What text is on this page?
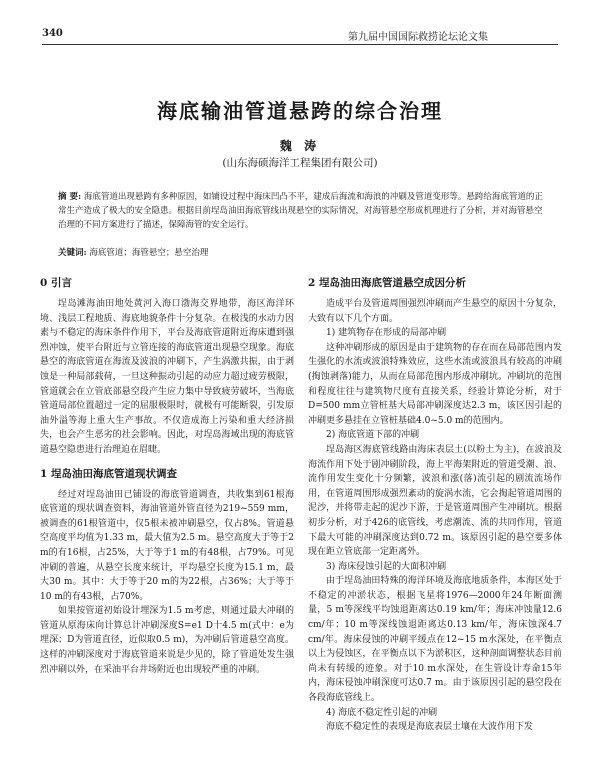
340	第九届中国国际救捞论坛论文集
海底输油管道悬跨的综合治理
魏 涛
(山东海硕海洋工程集团有限公司)
摘 要: 海底管道出现悬跨有多种原因，如铺设过程中海床凹凸不平，建成后海流和海浪的冲刷及管道变形等。悬跨给海底管道的正常生产造成了极大的安全隐患。根据目前埕岛油田海底管线出现悬空的实际情况，对海管悬空形成机理进行了分析，并对海管悬空治理的不同方案进行了描述，保障海管的安全运行。
关键词: 海底管道；海管悬空；悬空治理
0 引言

埕岛滩海油田地处黄河入海口渤海交界地带，海区海洋环境、浅层工程地质、海底地貌条件十分复杂。在极浅的水动力因素与不稳定的海床条件作用下，平台及海底管道附近海床遭到强烈冲蚀，使平台附近与立管连接的海底管道出现悬空现象。海底悬空的海底管道在海流及波浪的冲刷下，产生涡激共振，由于剥蚀是一种局部载荷，一旦这种振动引起的动应力超过疲劳极限，管道就会在立管底部悬空段产生应力集中导致疲劳破坏，当海底管道局部位置超过一定的屈服极限时，就极有可能断裂，引发原油外溢等海上重大生产事故。不仅造成海上污染和重大经济损失，也会产生恶劣的社会影响。因此，对埕岛海域出现的海底管道悬空隐患进行治理迫在眉睫。

1 埕岛油田海底管道现状调查

经过对埕岛油田已铺设的海底管道调查，共收集到61根海底管道的现状调查资料，海油管道外管直径为219~559 mm，被调查的61根管道中，仅5根未被冲刷悬空，仅占8%。管道悬空高度平均值为1.33 m，最大值为2.5 m。悬空高度大于等于2 m的有16根，占25%，大于等于1 m的有48根，占79%。可见冲刷的普遍，从悬空长度来统计，平均悬空长度为15.1 m，最大30 m。其中：大于等于20 m的为22根，占36%；大于等于10 m的有43根，占70%。

如果按管道初始设计埋深为1.5 m考虑，则通过最大冲刷的管道从原海床向计算总计冲刷深度S=e1 D十4.5 m(式中：e为埋深；D为管道直径，近似取0.5 m)，为冲刷后管道悬空高度。这样的冲刷深度对于海底管道来说是少见的，除了管道处发生强烈冲刷以外，在采油平台井场附近也出现较严重的冲刷。

2 埕岛油田海底管道悬空成因分析

造成平台及管道周围强烈冲刷而产生悬空的原因十分复杂，大致有以下几个方面。

1) 建筑物存在形成的局部冲刷

这种冲刷形成的原因是由于建筑物的存在而在局部范围内发生强化的水流或波浪特殊效应，这些水流或波浪具有较高的冲刷(掏蚀剥落)能力，从而在局部范围内形成冲刷坑。冲刷坑的范围和程度往往与建筑物尺度有直接关系，经验计算论分析，对于D=500 mm立管桩基大局部冲刷深度达2.3 m，该区因引起的冲刷更多悬挂在立管桩基础4.0~5.0 m的范围内。

2) 海底管道下部的冲刷

埕岛海区海底管线路由海床表层土(以粉土为主)，在波浪及海流作用下处于剧冲刷阶段，海上平海架附近的管道受潮、浪、流作用发生变化十分频繁，波浪和涨(落)流引起的剧流流场作用，在管道周围形成强烈紊动的旋涡水流，它会掏起管道周围的泥沙，并将带走起的泥沙下游，于是管道周围产生冲刷坑。根据初步分析，对于426的底管线，考虑潮流、流的共同作用，管道下最大可能的冲刷深度达到0.72 m。该原因引起的悬空要多体现在距立管底部一定距离外。

3) 海床侵蚀引起的大面积冲刷

由于埕岛油田特殊的海洋环境及海底地质条件，本海区处于不稳定的冲淤状态，根据飞星将1976—2000年24年断面测量，5 m等深线平均蚀退距离达0.19 km/年；海床冲蚀量12.6 cm/年；10 m等深线蚀退距离达0.13 km/年，海床蚀深4.7 cm/年。海床侵蚀的冲刷平缓点在12~15 m水深处，在平衡点以上为侵蚀区，在平衡点以下为淤积区，这种剖面调整状态目前尚未有转缓的迹象。对于10 m水深处，在生管设计寿命15年内，海床侵蚀冲刷深度可达0.7 m。由于该原因引起的悬空段在各段海底管线上。

4) 海底不稳定性引起的冲刷

海底不稳定性的表现是海底表层土壤在大波作用下发
